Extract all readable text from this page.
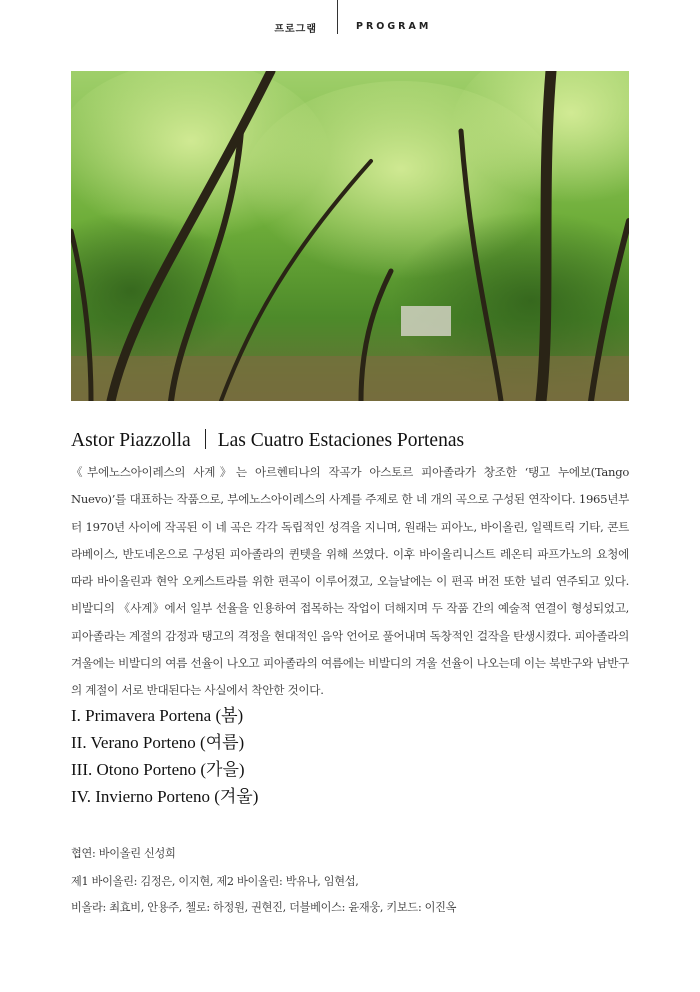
프로그램	PROGRAM
Astor Piazzolla Las Cuatro Estaciones Portenas

《부에노스아이레스의 사계》는 아르헨티나의 작곡가 아스토르 피아졸라가 창조한 ‘탱고 누에보(Tango Nuevo)’를 대표하는 작품으로, 부에노스아이레스의 사계를 주제로 한 네 개의 곡으로 구성된 연작이다. 1965년부터 1970년 사이에 작곡된 이 네 곡은 각각 독립적인 성격을 지니며, 원래는 피아노, 바이올린, 일렉트릭 기타, 콘트라베이스, 반도네온으로 구성된 피아졸라의 퀸텟을 위해 쓰였다. 이후 바이올리니스트 레온티 파프가노의 요청에 따라 바이올린과 현악 오케스트라를 위한 편곡이 이루어졌고, 오늘날에는 이 편곡 버전 또한 널리 연주되고 있다. 비발디의 《사계》에서 일부 선율을 인용하여 접목하는 작업이 더해지며 두 작품 간의 예술적 연결이 형성되었고, 피아졸라는 계절의 감정과 탱고의 격정을 현대적인 음악 언어로 풀어내며 독창적인 걸작을 탄생시켰다. 피아졸라의 겨울에는 비발디의 여름 선율이 나오고 피아졸라의 여름에는 비발디의 겨울 선율이 나오는데 이는 북반구와 남반구의 계절이 서로 반대된다는 사실에서 착안한 것이다.

I. Primavera Portena (봄)
II. Verano Porteno (여름)
III. Otono Porteno (가을)
IV. Invierno Porteno (겨울)
협연: 바이올린 신성희
제1 바이올린: 김정은, 이지현, 제2 바이올린: 박유나, 임현섭,
비올라: 최효비, 안용주, 첼로: 하정원, 권현진, 더블베이스: 윤재웅, 키보드: 이진옥
